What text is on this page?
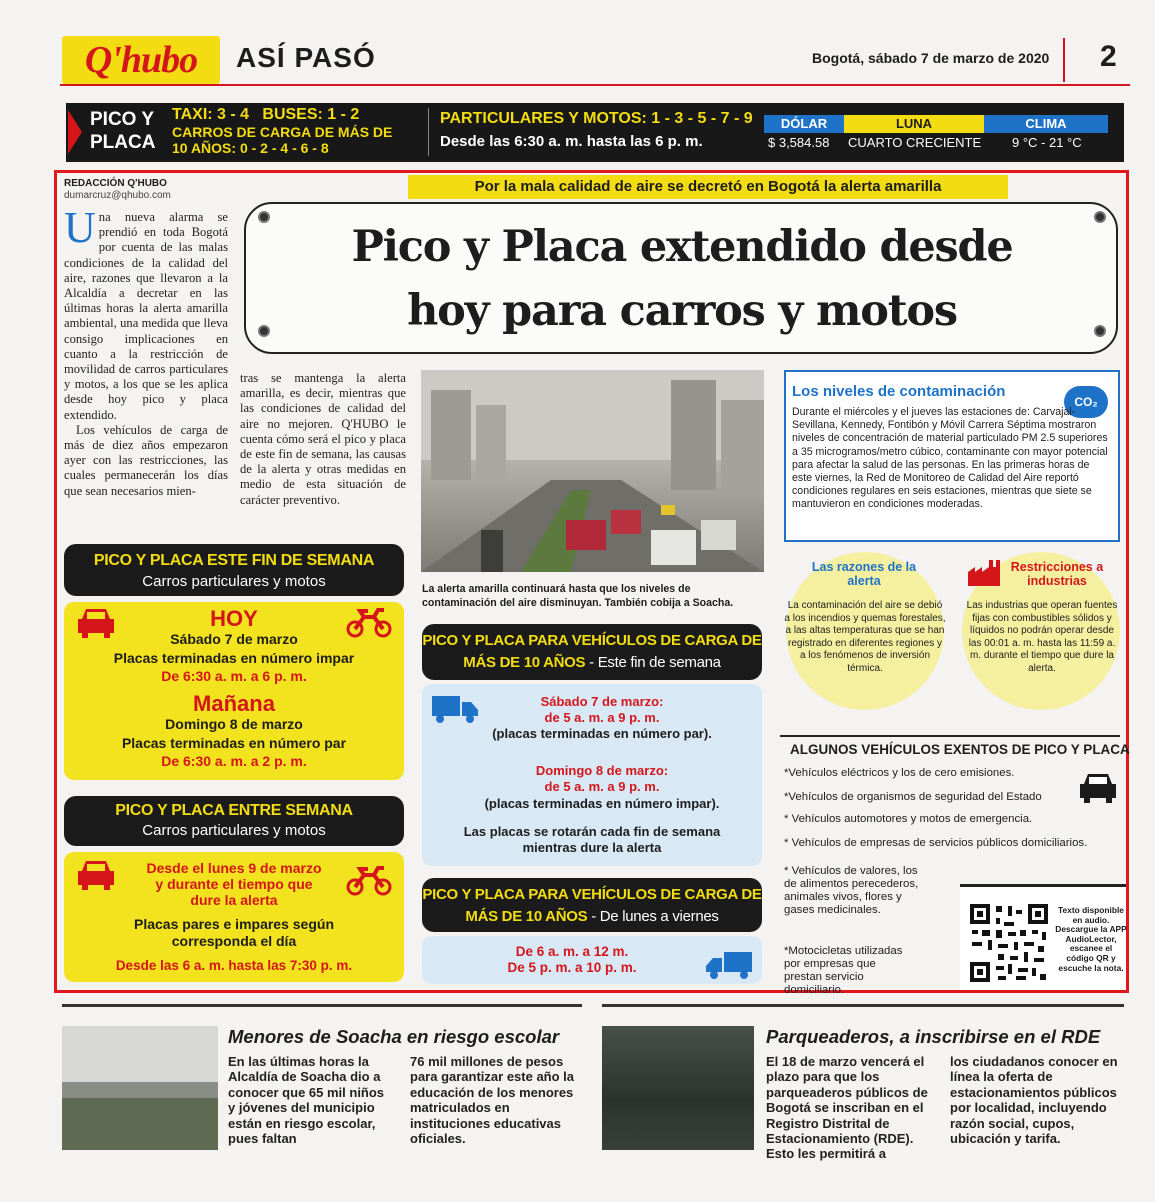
Q'hubo ASÍ PASÓ	Bogotá, sábado 7 de marzo de 2020 2
PICO Y
PLACA
TAXI: 3 - 4 BUSES: 1 - 2
CARROS DE CARGA DE MÁS DE
10 AÑOS: 0 - 2 - 4 - 6 - 8
PARTICULARES Y MOTOS: 1 - 3 - 5 - 7 - 9
Desde las 6:30 a. m. hasta las 6 p. m.
DÓLAR	LUNA	CLIMA
$ 3,584.58 CUARTO CRECIENTE 9 °C - 21 °C
REDACCIÓN Q'HUBO
dumarcruz@qhubo.com
Una nueva alarma se prendió en toda Bogotá por cuenta de las malas condiciones de la calidad del aire, razones que llevaron a la Alcaldía a decretar en las últimas horas la alerta amarilla ambiental, una medida que lleva consigo implicaciones en cuanto a la restricción de movilidad de carros particulares y motos, a los que se les aplica desde hoy pico y placa extendido.
Los vehículos de carga de más de diez años empezaron ayer con las restricciones, las cuales permanecerán los días que sean necesarios mien-
tras se mantenga la alerta amarilla, es decir, mientras que las condiciones de calidad del aire no mejoren. Q'HUBO le cuenta cómo será el pico y placa de este fin de semana, las causas de la alerta y otras medidas en medio de esta situación de carácter preventivo.
Por la mala calidad de aire se decretó en Bogotá la alerta amarilla
Pico y Placa extendido desde
hoy para carros y motos
La alerta amarilla continuará hasta que los niveles de contaminación del aire disminuyan. También cobija a Soacha.
Los niveles de contaminación
CO₂
Durante el miércoles y el jueves las estaciones de: Carvajal-Sevillana, Kennedy, Fontibón y Móvil Carrera Séptima mostraron niveles de concentración de material particulado PM 2.5 superiores a 35 microgramos/metro cúbico, contaminante con mayor potencial para afectar la salud de las personas. En las primeras horas de este viernes, la Red de Monitoreo de Calidad del Aire reportó condiciones regulares en seis estaciones, mientras que siete se mantuvieron en condiciones moderadas.
Las razones de la alerta
La contaminación del aire se debió a los incendios y quemas forestales, a las altas temperaturas que se han registrado en diferentes regiones y a los fenómenos de inversión térmica.
Restricciones a industrias
Las industrias que operan fuentes fijas con combustibles sólidos y líquidos no podrán operar desde las 00:01 a. m. hasta las 11:59 a. m. durante el tiempo que dure la alerta.
ALGUNOS VEHÍCULOS EXENTOS DE PICO Y PLACA
*Vehículos eléctricos y los de cero emisiones.
*Vehículos de organismos de seguridad del Estado
* Vehículos automotores y motos de emergencia.
* Vehículos de empresas de servicios públicos domiciliarios.
* Vehículos de valores, los de alimentos perecederos, animales vivos, flores y gases medicinales.
*Motocicletas utilizadas por empresas que prestan servicio domiciliario.
Texto disponible en audio. Descargue la APP AudioLector, escanee el código QR y escuche la nota.
PICO Y PLACA ESTE FIN DE SEMANA
Carros particulares y motos
HOY
Sábado 7 de marzo
Placas terminadas en número impar
De 6:30 a. m. a 6 p. m.
Mañana
Domingo 8 de marzo
Placas terminadas en número par
De 6:30 a. m. a 2 p. m.
PICO Y PLACA ENTRE SEMANA
Carros particulares y motos
Desde el lunes 9 de marzo
y durante el tiempo que
dure la alerta
Placas pares e impares según
corresponda el día
Desde las 6 a. m. hasta las 7:30 p. m.
PICO Y PLACA PARA VEHÍCULOS DE CARGA DE
MÁS DE 10 AÑOS - Este fin de semana
Sábado 7 de marzo:
de 5 a. m. a 9 p. m.
(placas terminadas en número par).
Domingo 8 de marzo:
de 5 a. m. a 9 p. m.
(placas terminadas en número impar).
Las placas se rotarán cada fin de semana
mientras dure la alerta
PICO Y PLACA PARA VEHÍCULOS DE CARGA DE
MÁS DE 10 AÑOS - De lunes a viernes
De 6 a. m. a 12 m.
De 5 p. m. a 10 p. m.
Menores de Soacha en riesgo escolar
En las últimas horas la Alcaldía de Soacha dio a conocer que 65 mil niños y jóvenes del municipio están en riesgo escolar, pues faltan
76 mil millones de pesos para garantizar este año la educación de los menores matriculados en instituciones educativas oficiales.
Parqueaderos, a inscribirse en el RDE
El 18 de marzo vencerá el plazo para que los parqueaderos públicos de Bogotá se inscriban en el Registro Distrital de Estacionamiento (RDE). Esto les permitirá a
los ciudadanos conocer en línea la oferta de estacionamientos públicos por localidad, incluyendo razón social, cupos, ubicación y tarifa.
